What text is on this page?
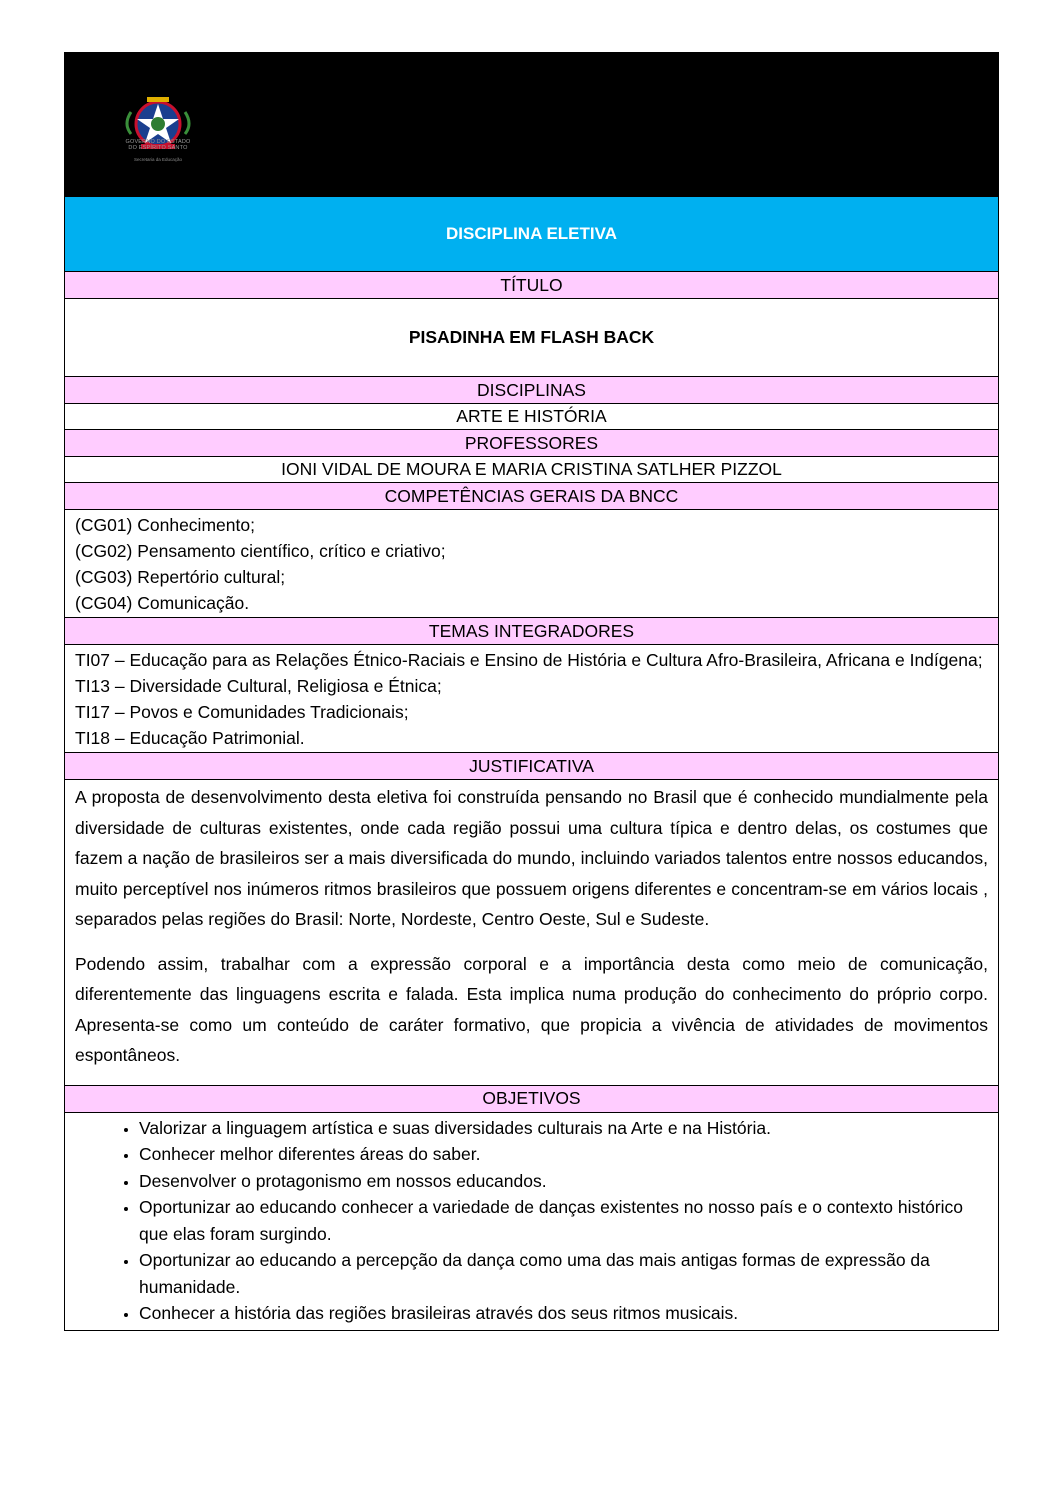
GOVERNO DO ESTADO
DO ESPÍRITO SANTO
Secretaria da Educação
DISCIPLINA ELETIVA
TÍTULO
PISADINHA EM FLASH BACK
DISCIPLINAS
ARTE E HISTÓRIA
PROFESSORES
IONI VIDAL DE MOURA E MARIA CRISTINA SATLHER PIZZOL
COMPETÊNCIAS GERAIS DA BNCC
(CG01) Conhecimento;
(CG02) Pensamento científico, crítico e criativo;
(CG03) Repertório cultural;
(CG04) Comunicação.
TEMAS INTEGRADORES
TI07 – Educação para as Relações Étnico-Raciais e Ensino de História e Cultura Afro-Brasileira, Africana e Indígena;
TI13 – Diversidade Cultural, Religiosa e Étnica;
TI17 – Povos e Comunidades Tradicionais;
TI18 – Educação Patrimonial.
JUSTIFICATIVA

A proposta de desenvolvimento desta eletiva foi construída pensando no Brasil que é conhecido mundialmente pela diversidade de culturas existentes, onde cada região possui uma cultura típica e dentro delas, os costumes que fazem a nação de brasileiros ser a mais diversificada do mundo, incluindo variados talentos entre nossos educandos, muito perceptível nos inúmeros ritmos brasileiros que possuem origens diferentes e concentram-se em vários locais , separados pelas regiões do Brasil: Norte, Nordeste, Centro Oeste, Sul e Sudeste.

Podendo assim, trabalhar com a expressão corporal e a importância desta como meio de comunicação, diferentemente das linguagens escrita e falada. Esta implica numa produção do conhecimento do próprio corpo. Apresenta-se como um conteúdo de caráter formativo, que propicia a vivência de atividades de movimentos espontâneos.

OBJETIVOS
• Valorizar a linguagem artística e suas diversidades culturais na Arte e na História.
• Conhecer melhor diferentes áreas do saber.
• Desenvolver o protagonismo em nossos educandos.
• Oportunizar ao educando conhecer a variedade de danças existentes no nosso país e o contexto histórico que elas foram surgindo.
• Oportunizar ao educando a percepção da dança como uma das mais antigas formas de expressão da humanidade.
• Conhecer a história das regiões brasileiras através dos seus ritmos musicais.
